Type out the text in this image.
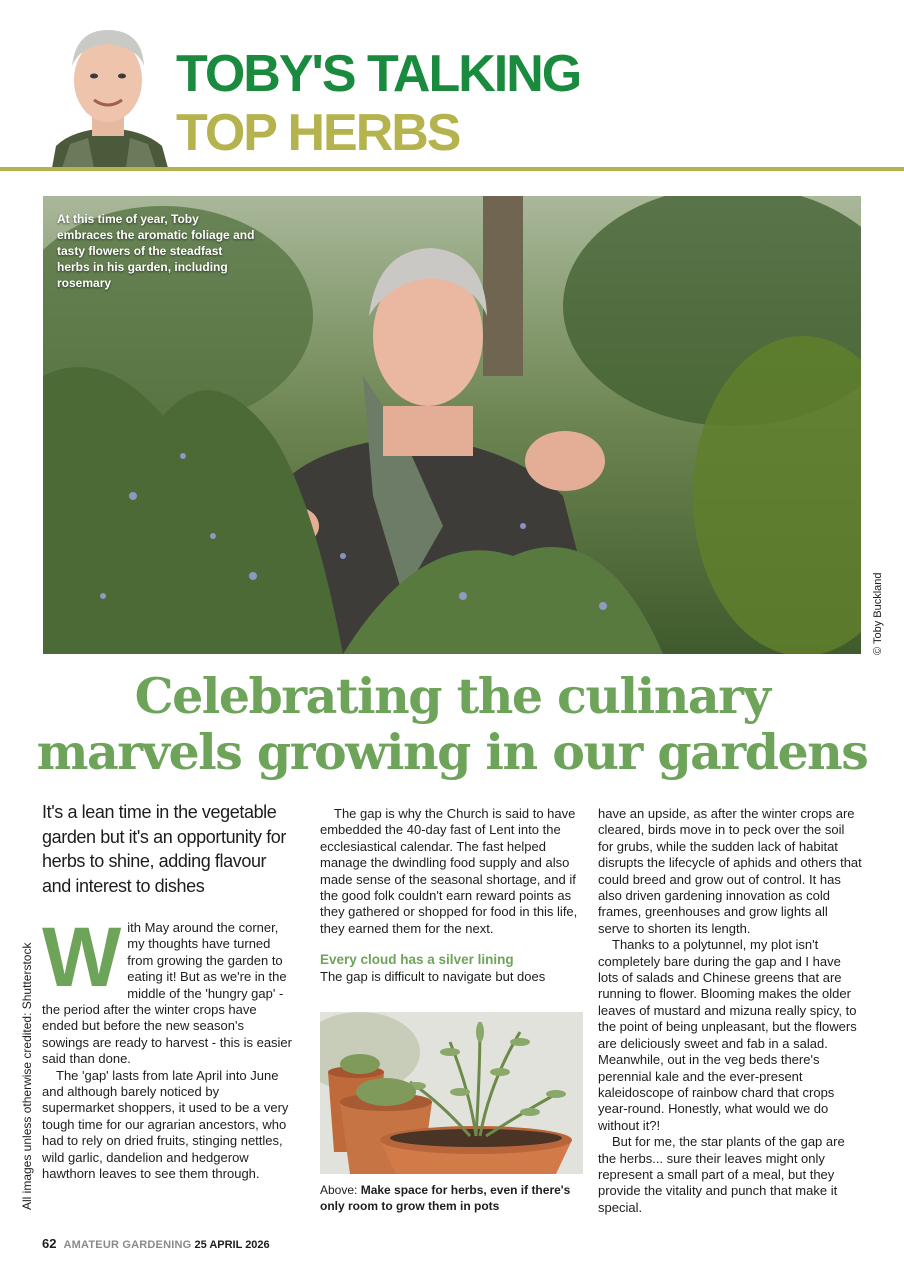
TOBY'S TALKING
TOP HERBS
At this time of year, Toby embraces the aromatic foliage and tasty flowers of the steadfast herbs in his garden, including rosemary
© Toby Buckland
Celebrating the culinary
marvels growing in our gardens
All images unless otherwise credited: Shutterstock

It's a lean time in the vegetable garden but it's an opportunity for herbs to shine, adding flavour and interest to dishes

With May around the corner, my thoughts have turned from growing the garden to eating it! But as we're in the middle of the 'hungry gap' - the period after the winter crops have ended but before the new season's sowings are ready to harvest - this is easier said than done.

The 'gap' lasts from late April into June and although barely noticed by supermarket shoppers, it used to be a very tough time for our agrarian ancestors, who had to rely on dried fruits, stinging nettles, wild garlic, dandelion and hedgerow hawthorn leaves to see them through.

The gap is why the Church is said to have embedded the 40-day fast of Lent into the ecclesiastical calendar. The fast helped manage the dwindling food supply and also made sense of the seasonal shortage, and if the good folk couldn't earn reward points as they gathered or shopped for food in this life, they earned them for the next.

Every cloud has a silver lining

The gap is difficult to navigate but does

Above: Make space for herbs, even if there's only room to grow them in pots

have an upside, as after the winter crops are cleared, birds move in to peck over the soil for grubs, while the sudden lack of habitat disrupts the lifecycle of aphids and others that could breed and grow out of control. It has also driven gardening innovation as cold frames, greenhouses and grow lights all serve to shorten its length.

Thanks to a polytunnel, my plot isn't completely bare during the gap and I have lots of salads and Chinese greens that are running to flower. Blooming makes the older leaves of mustard and mizuna really spicy, to the point of being unpleasant, but the flowers are deliciously sweet and fab in a salad. Meanwhile, out in the veg beds there's perennial kale and the ever-present kaleidoscope of rainbow chard that crops year-round. Honestly, what would we do without it?!

But for me, the star plants of the gap are the herbs... sure their leaves might only represent a small part of a meal, but they provide the vitality and punch that make it special.

62 AMATEUR GARDENING 25 APRIL 2026
